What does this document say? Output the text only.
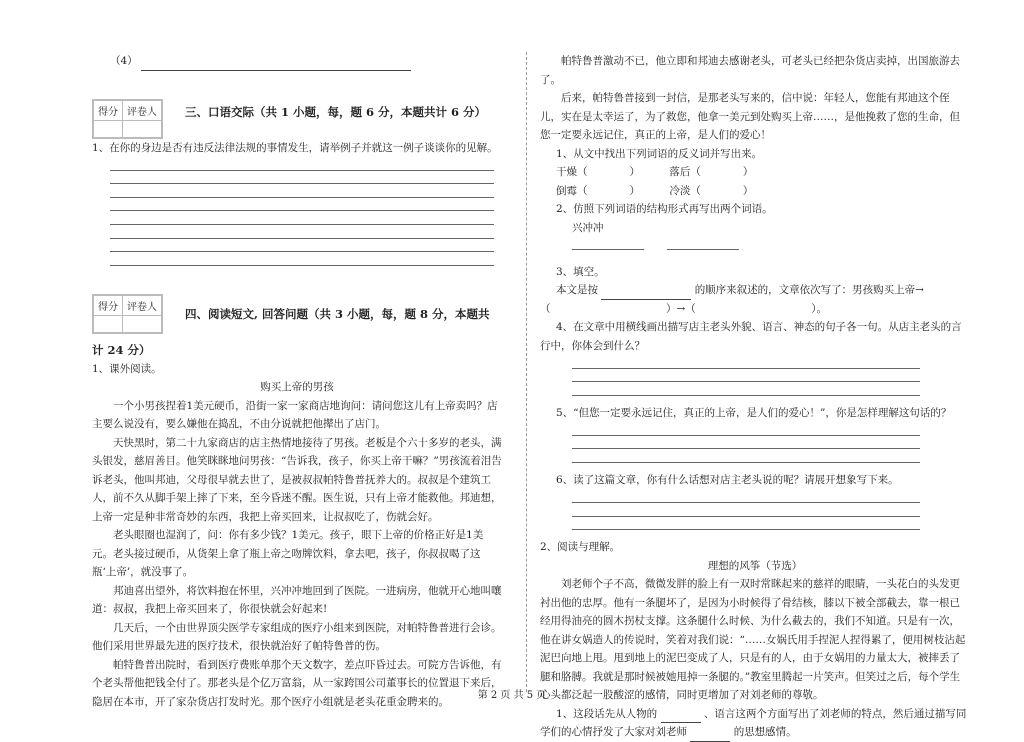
（4）
得分	评卷人
	三、口语交际（共 1 小题，每，题 6 分，本题共计 6 分）

1、在你的身边是否有违反法律法规的事情发生，请举例子并就这一例子谈谈你的见解。

得分	评卷人
	四、阅读短文, 回答问题（共 3 小题，每，题 8 分，本题共
计 24 分）

1、课外阅读。

购买上帝的男孩

一个小男孩捏着1美元硬币，沿街一家一家商店地询问：请问您这儿有上帝卖吗？店主要么说没有，要么嫌他在捣乱，不由分说就把他撵出了店门。

天快黑时，第二十九家商店的店主热情地接待了男孩。老板是个六十多岁的老头，满头银发，慈眉善目。他笑眯眯地问男孩：“告诉我，孩子，你买上帝干嘛？”男孩流着泪告诉老头，他叫邦迪，父母很早就去世了，是被叔叔帕特鲁普抚养大的。叔叔是个建筑工人，前不久从脚手架上摔了下来，至今昏迷不醒。医生说，只有上帝才能救他。邦迪想，上帝一定是种非常奇妙的东西，我把上帝买回来，让叔叔吃了，伤就会好。

老头眼圈也湿润了，问：你有多少钱？1美元。孩子，眼下上帝的价格正好是1美元。老头接过硬币，从货架上拿了瓶上帝之吻牌饮料，拿去吧，孩子，你叔叔喝了这瓶‘上帝’，就没事了。

邦迪喜出望外，将饮料抱在怀里，兴冲冲地回到了医院。一进病房，他就开心地叫嚷道：叔叔，我把上帝买回来了，你很快就会好起来!

几天后，一个由世界顶尖医学专家组成的医疗小组来到医院，对帕特鲁普进行会诊。他们采用世界最先进的医疗技术，很快就治好了帕特鲁普的伤。

帕特鲁普出院时，看到医疗费账单那个天文数字，差点吓昏过去。可院方告诉他，有个老头帮他把钱全付了。那老头是个亿万富翁，从一家跨国公司董事长的位置退下来后，隐居在本市，开了家杂货店打发时光。那个医疗小组就是老头花重金聘来的。

帕特鲁普激动不已，他立即和邦迪去感谢老头，可老头已经把杂货店卖掉，出国旅游去了。

后来，帕特鲁普接到一封信，是那老头写来的，信中说：年轻人，您能有邦迪这个侄儿，实在是太幸运了，为了救您，他拿一美元到处购买上帝……，是他挽救了您的生命，但您一定要永远记住，真正的上帝，是人们的爱心！

1、从文中找出下列词语的反义词并写出来。

干燥（　　　　）	落后（　　　　）
倒霉（　　　　）	冷淡（　　　　）

2、仿照下列词语的结构形式再写出两个词语。

兴冲冲

3、填空。

本文是按	的顺序来叙述的，文章依次写了：男孩购买上帝→

（　　　　　　　　　　　）→（　　　　　　　　　　　）。

4、在文章中用横线画出描写店主老头外貌、语言、神态的句子各一句。从店主老头的言行中，你体会到什么？

5、“但您一定要永远记住，真正的上帝，是人们的爱心！”，你是怎样理解这句话的？

6、读了这篇文章，你有什么话想对店主老头说的呢？请展开想象写下来。

2、阅读与理解。

理想的风筝（节选）

刘老师个子不高，微微发胖的脸上有一双时常眯起来的慈祥的眼睛，一头花白的头发更衬出他的忠厚。他有一条腿坏了，是因为小时候得了骨结核，膝以下被全部截去，靠一根已经用得油亮的圆木拐杖支撑。这条腿什么时候、为什么截去的，我们不知道。只是有一次，他在讲女娲造人的传说时，笑着对我们说：“……女娲氏用手捏泥人捏得累了，便用树枝沾起泥巴向地上甩。甩到地上的泥巴变成了人，只是有的人，由于女娲用的力量太大，被摔丢了腿和胳膊。我就是那时候被她甩掉一条腿的。”教室里腾起一片笑声。但笑过之后，每个学生心头都泛起一股酸涩的感情，同时更增加了对刘老师的尊敬。

1、这段话先从人物的	、语言这两个方面写出了刘老师的特点，然后通过描写同学们的心情抒发了大家对刘老师	的思想感情。
第 2 页 共 5 页
